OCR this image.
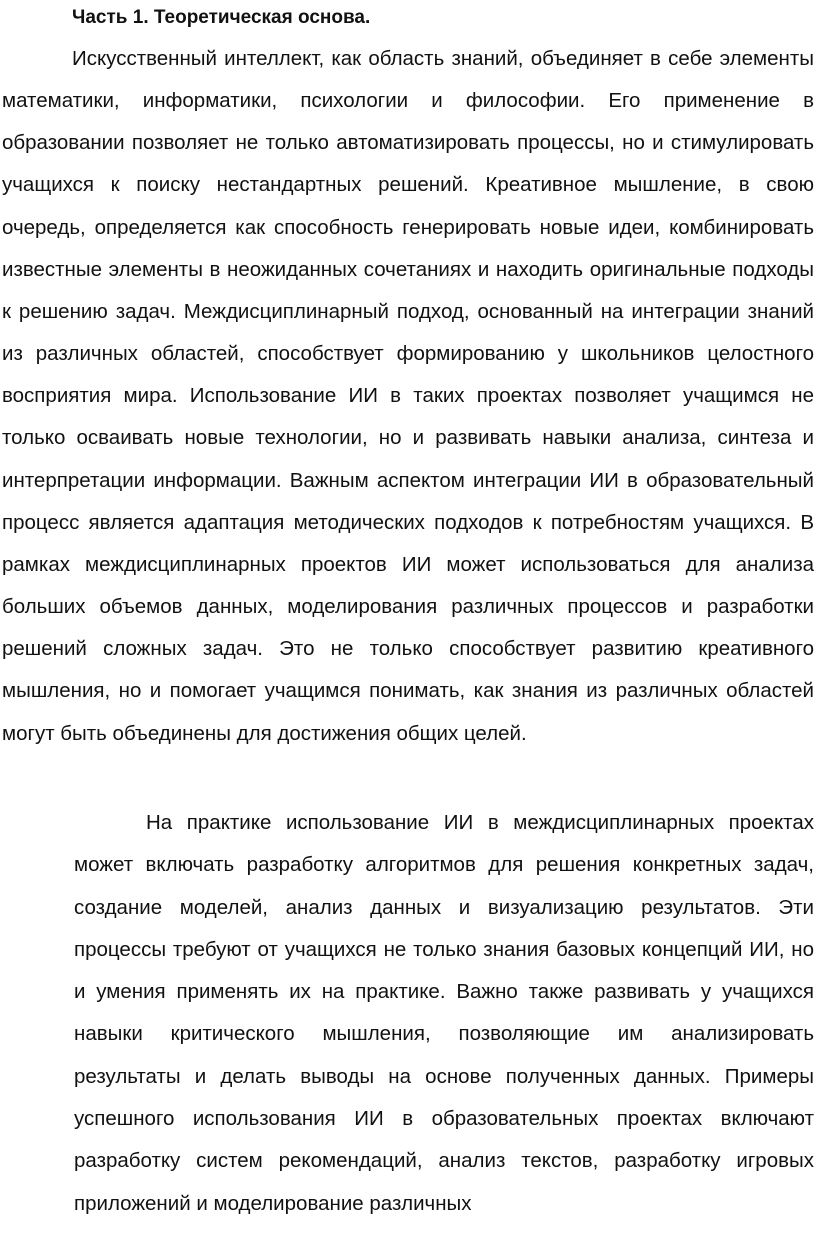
Часть 1. Теоретическая основа.

Искусственный интеллект, как область знаний, объединяет в себе элементы математики, информатики, психологии и философии. Его применение в образовании позволяет не только автоматизировать процессы, но и стимулировать учащихся к поиску нестандартных решений. Креативное мышление, в свою очередь, определяется как способность генерировать новые идеи, комбинировать известные элементы в неожиданных сочетаниях и находить оригинальные подходы к решению задач. Междисциплинарный подход, основанный на интеграции знаний из различных областей, способствует формированию у школьников целостного восприятия мира. Использование ИИ в таких проектах позволяет учащимся не только осваивать новые технологии, но и развивать навыки анализа, синтеза и интерпретации информации. Важным аспектом интеграции ИИ в образовательный процесс является адаптация методических подходов к потребностям учащихся. В рамках междисциплинарных проектов ИИ может использоваться для анализа больших объемов данных, моделирования различных процессов и разработки решений сложных задач. Это не только способствует развитию креативного мышления, но и помогает учащимся понимать, как знания из различных областей могут быть объединены для достижения общих целей.

На практике использование ИИ в междисциплинарных проектах может включать разработку алгоритмов для решения конкретных задач, создание моделей, анализ данных и визуализацию результатов. Эти процессы требуют от учащихся не только знания базовых концепций ИИ, но и умения применять их на практике. Важно также развивать у учащихся навыки критического мышления, позволяющие им анализировать результаты и делать выводы на основе полученных данных. Примеры успешного использования ИИ в образовательных проектах включают разработку систем рекомендаций, анализ текстов, разработку игровых приложений и моделирование различных
